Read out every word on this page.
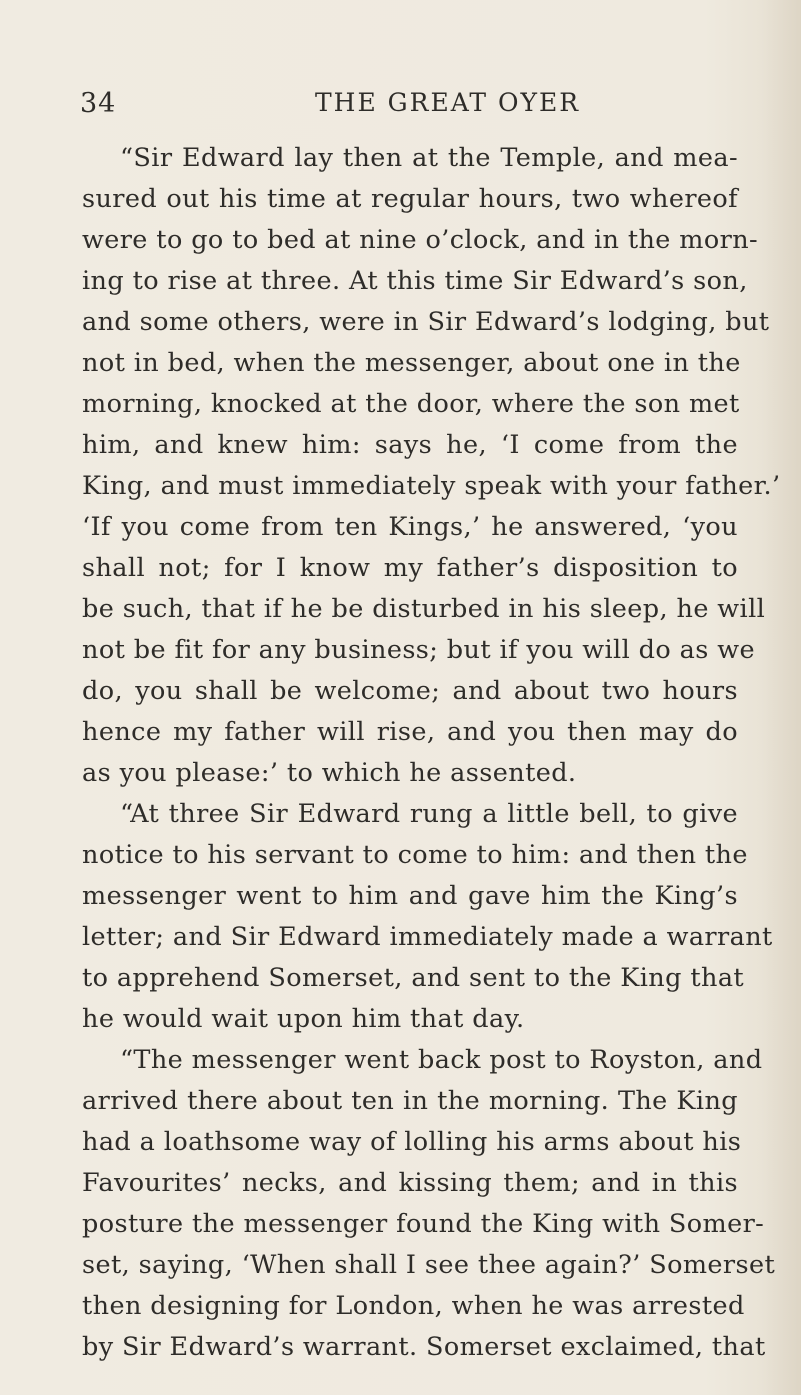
34	THE GREAT OYER
“Sir Edward lay then at the Temple, and mea-
sured out his time at regular hours, two whereof
were to go to bed at nine o’clock, and in the morn-
ing to rise at three. At this time Sir Edward’s son,
and some others, were in Sir Edward’s lodging, but
not in bed, when the messenger, about one in the
morning, knocked at the door, where the son met
him, and knew him: says he, ‘I come from the
King, and must immediately speak with your father.’
‘If you come from ten Kings,’ he answered, ‘you
shall not; for I know my father’s disposition to
be such, that if he be disturbed in his sleep, he will
not be fit for any business; but if you will do as we
do, you shall be welcome; and about two hours
hence my father will rise, and you then may do
as you please:’ to which he assented.
“At three Sir Edward rung a little bell, to give
notice to his servant to come to him: and then the
messenger went to him and gave him the King’s
letter; and Sir Edward immediately made a warrant
to apprehend Somerset, and sent to the King that
he would wait upon him that day.
“The messenger went back post to Royston, and
arrived there about ten in the morning. The King
had a loathsome way of lolling his arms about his
Favourites’ necks, and kissing them; and in this
posture the messenger found the King with Somer-
set, saying, ‘When shall I see thee again?’ Somerset
then designing for London, when he was arrested
by Sir Edward’s warrant. Somerset exclaimed, that
